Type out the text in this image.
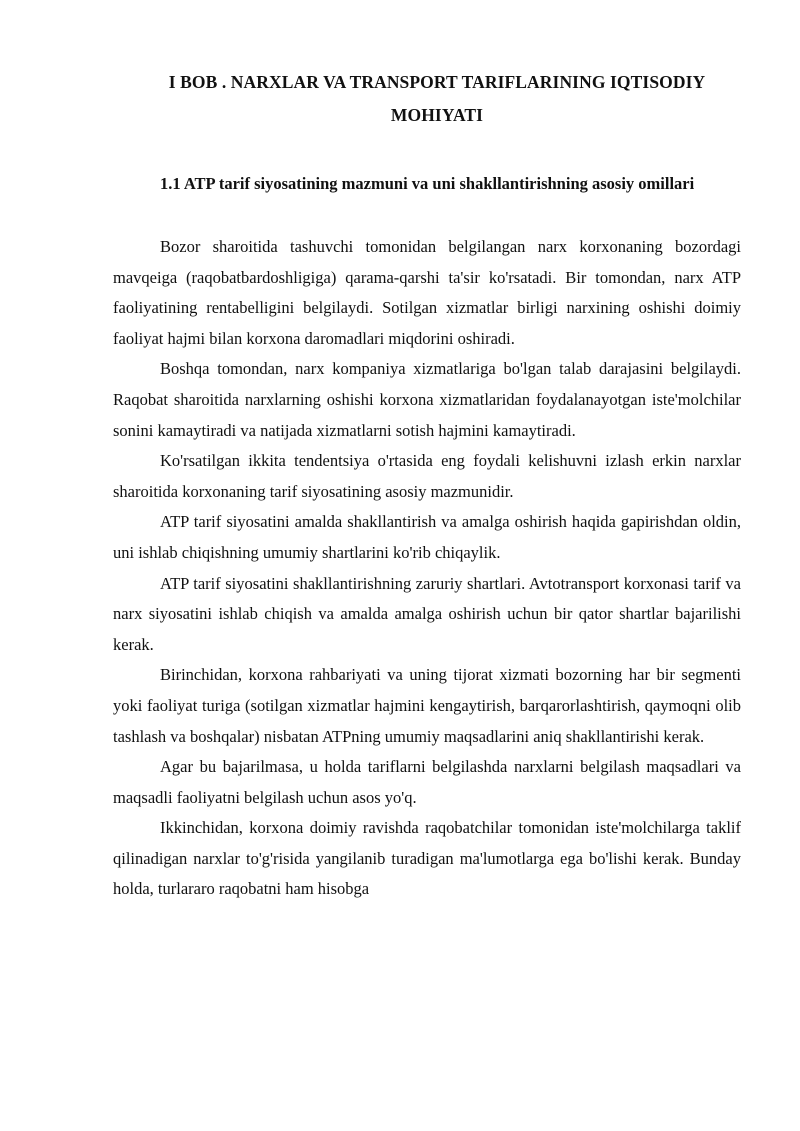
I BOB . NARXLAR VA TRANSPORT TARIFLARINING IQTISODIY
MOHIYATI
1.1 ATP tarif siyosatining mazmuni va uni shakllantirishning asosiy omillari

Bozor sharoitida tashuvchi tomonidan belgilangan narx korxonaning bozordagi mavqeiga (raqobatbardoshligiga) qarama-qarshi ta'sir ko'rsatadi. Bir tomondan, narx ATP faoliyatining rentabelligini belgilaydi. Sotilgan xizmatlar birligi narxining oshishi doimiy faoliyat hajmi bilan korxona daromadlari miqdorini oshiradi.

Boshqa tomondan, narx kompaniya xizmatlariga bo'lgan talab darajasini belgilaydi. Raqobat sharoitida narxlarning oshishi korxona xizmatlaridan foydalanayotgan iste'molchilar sonini kamaytiradi va natijada xizmatlarni sotish hajmini kamaytiradi.

Ko'rsatilgan ikkita tendentsiya o'rtasida eng foydali kelishuvni izlash erkin narxlar sharoitida korxonaning tarif siyosatining asosiy mazmunidir.

ATP tarif siyosatini amalda shakllantirish va amalga oshirish haqida gapirishdan oldin, uni ishlab chiqishning umumiy shartlarini ko'rib chiqaylik.

ATP tarif siyosatini shakllantirishning zaruriy shartlari. Avtotransport korxonasi tarif va narx siyosatini ishlab chiqish va amalda amalga oshirish uchun bir qator shartlar bajarilishi kerak.

Birinchidan, korxona rahbariyati va uning tijorat xizmati bozorning har bir segmenti yoki faoliyat turiga (sotilgan xizmatlar hajmini kengaytirish, barqarorlashtirish, qaymoqni olib tashlash va boshqalar) nisbatan ATPning umumiy maqsadlarini aniq shakllantirishi kerak.

Agar bu bajarilmasa, u holda tariflarni belgilashda narxlarni belgilash maqsadlari va maqsadli faoliyatni belgilash uchun asos yo'q.

Ikkinchidan, korxona doimiy ravishda raqobatchilar tomonidan iste'molchilarga taklif qilinadigan narxlar to'g'risida yangilanib turadigan ma'lumotlarga ega bo'lishi kerak. Bunday holda, turlararo raqobatni ham hisobga
